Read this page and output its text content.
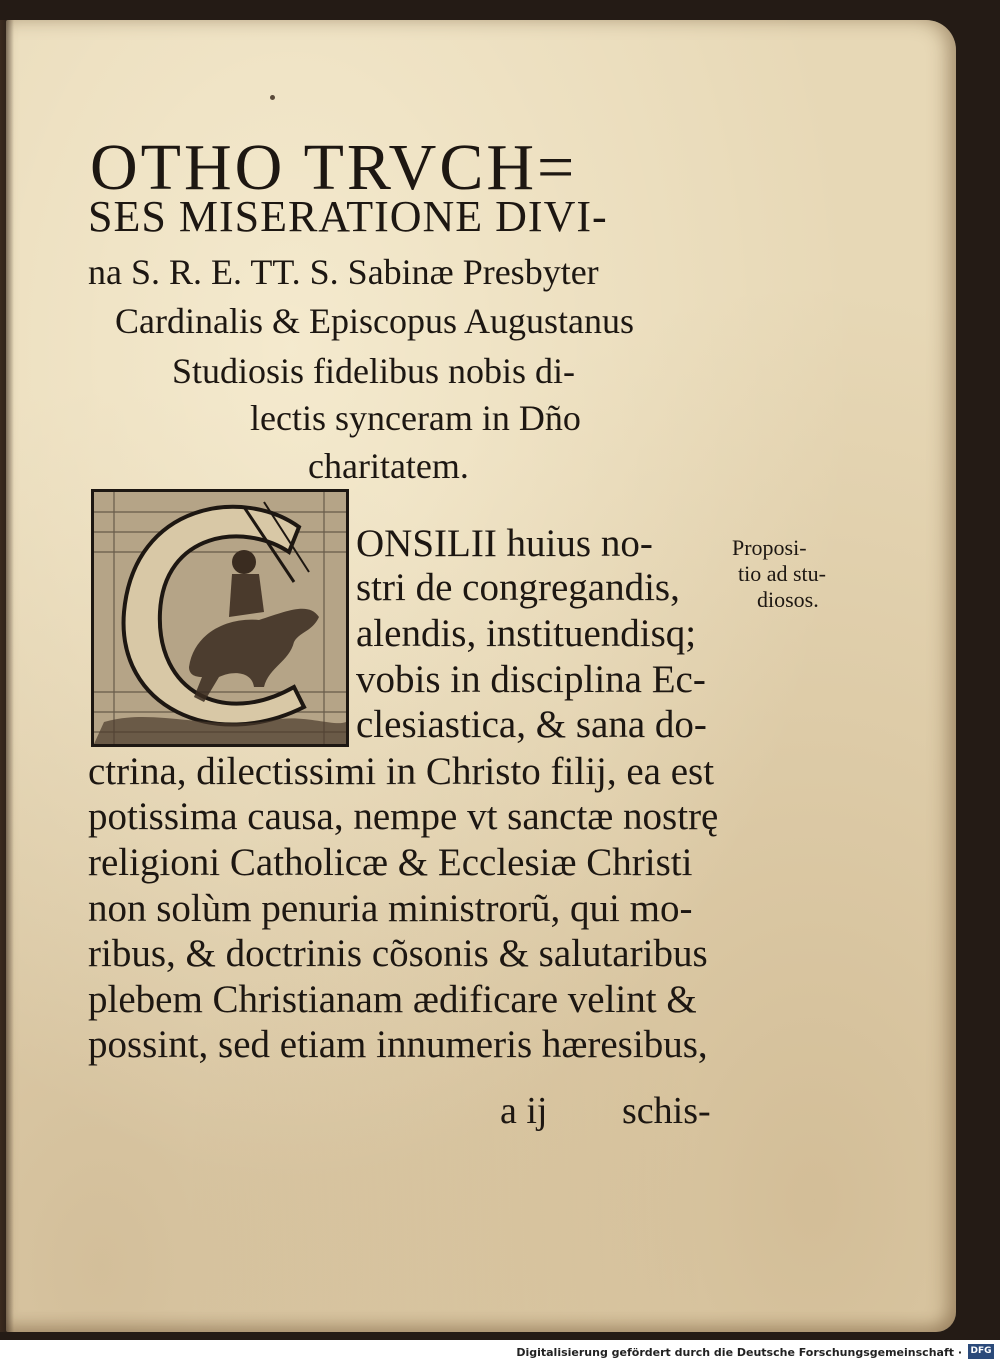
OTHO TRVCH=
SES MISERATIONE DIVI-
na S. R. E. TT. S. Sabinæ Presbyter
Cardinalis & Episcopus Augustanus
Studiosis fidelibus nobis di-
lectis synceram in Dño
charitatem.
ONSILII huius no-
stri de congregandis,
alendis, instituendisq;
vobis in disciplina Ec-
clesiastica, & sana do-
ctrina, dilectissimi in Christo filij, ea est
potissima causa, nempe vt sanctæ nostrę
religioni Catholicæ & Ecclesiæ Christi
non solùm penuria ministrorũ, qui mo-
ribus, & doctrinis cõsonis & salutaribus
plebem Christianam ædificare velint &
possint, sed etiam innumeris hæresibus,
a ij schis-
Proposi-
tio ad stu-
diosos.
Digitalisierung gefördert durch die Deutsche Forschungsgemeinschaft · DFG
